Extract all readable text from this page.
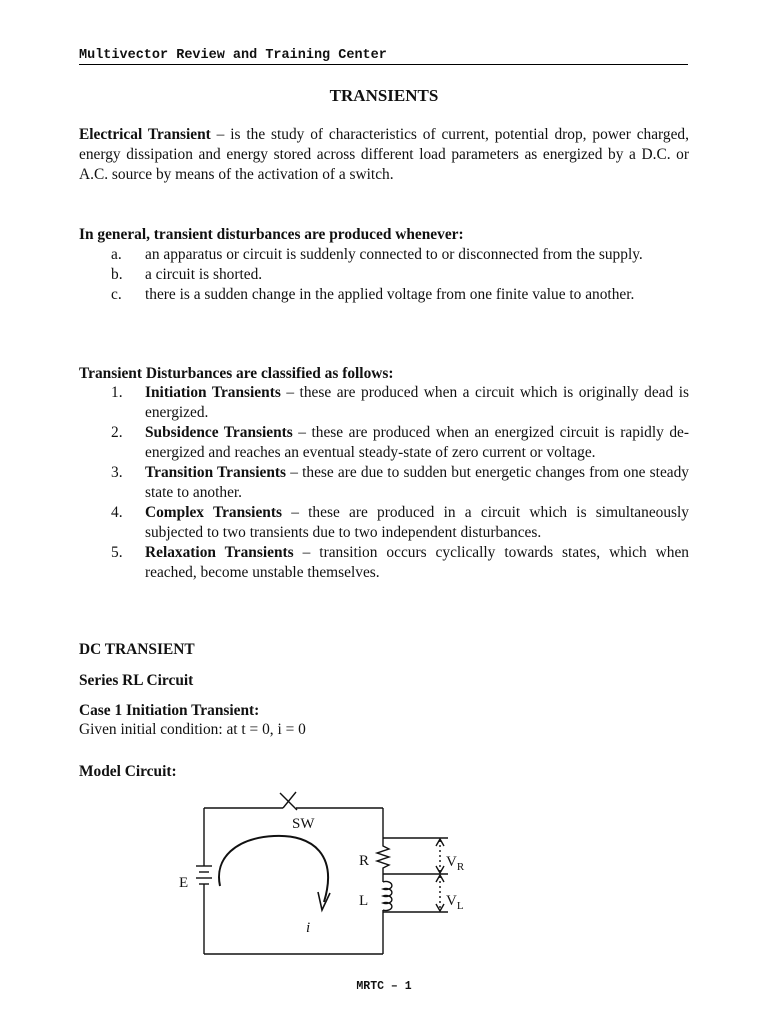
Multivector Review and Training Center
TRANSIENTS
Electrical Transient – is the study of characteristics of current, potential drop, power charged, energy dissipation and energy stored across different load parameters as energized by a D.C. or A.C. source by means of the activation of a switch.
In general, transient disturbances are produced whenever:
a. an apparatus or circuit is suddenly connected to or disconnected from the supply.
b. a circuit is shorted.
c. there is a sudden change in the applied voltage from one finite value to another.
Transient Disturbances are classified as follows:
1. Initiation Transients – these are produced when a circuit which is originally dead is energized.
2. Subsidence Transients – these are produced when an energized circuit is rapidly de-energized and reaches an eventual steady-state of zero current or voltage.
3. Transition Transients – these are due to sudden but energetic changes from one steady state to another.
4. Complex Transients – these are produced in a circuit which is simultaneously subjected to two transients due to two independent disturbances.
5. Relaxation Transients – transition occurs cyclically towards states, which when reached, become unstable themselves.
DC TRANSIENT
Series RL Circuit
Case 1 Initiation Transient:
Given initial condition: at t = 0, i = 0
Model Circuit:
SW
E
R
L
$V_R$
$V_L$
i
MRTC – 1
